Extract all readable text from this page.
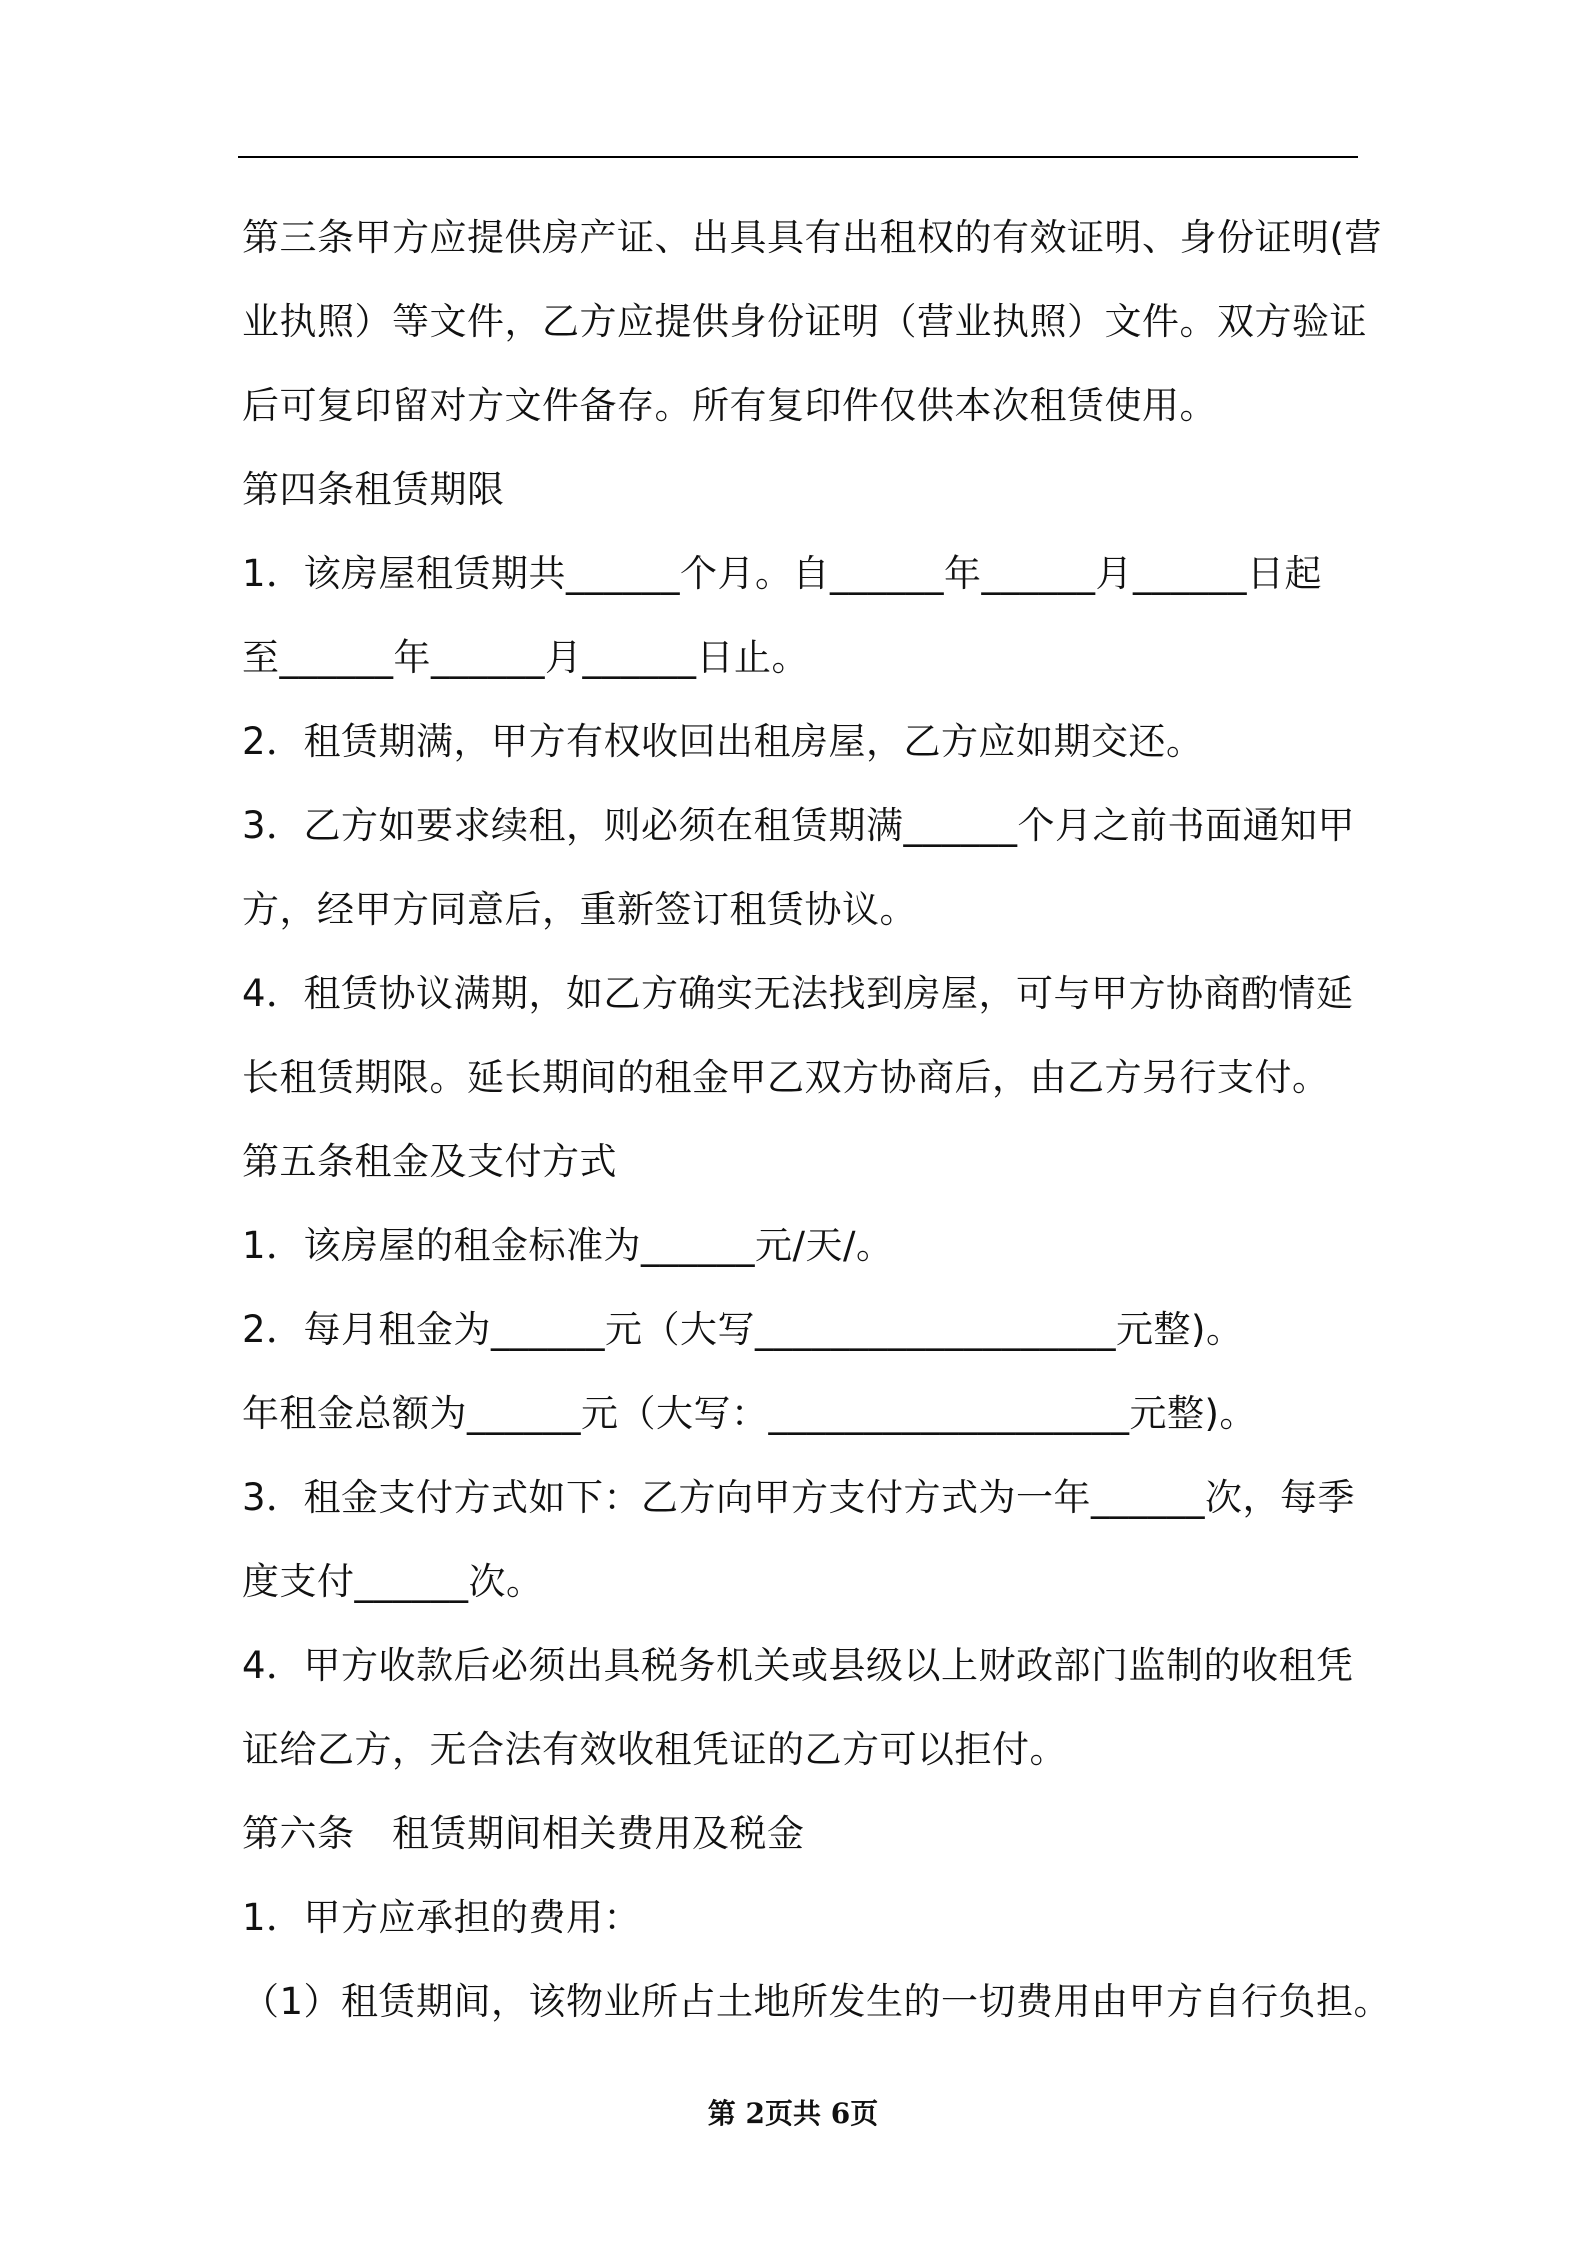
第三条甲方应提供房产证、出具具有出租权的有效证明、身份证明(营
业执照）等文件，乙方应提供身份证明（营业执照）文件。双方验证
后可复印留对方文件备存。所有复印件仅供本次租赁使用。
第四条租赁期限
1．该房屋租赁期共______个月。自______年______月______日起
至______年______月______日止。
2．租赁期满，甲方有权收回出租房屋，乙方应如期交还。
3．乙方如要求续租，则必须在租赁期满______个月之前书面通知甲
方，经甲方同意后，重新签订租赁协议。
4．租赁协议满期，如乙方确实无法找到房屋，可与甲方协商酌情延
长租赁期限。延长期间的租金甲乙双方协商后，由乙方另行支付。
第五条租金及支付方式
1．该房屋的租金标准为______元/天/。
2．每月租金为______元（大写___________________元整)。
年租金总额为______元（大写：___________________元整)。
3．租金支付方式如下：乙方向甲方支付方式为一年______次，每季
度支付______次。
4．甲方收款后必须出具税务机关或县级以上财政部门监制的收租凭
证给乙方，无合法有效收租凭证的乙方可以拒付。
第六条　租赁期间相关费用及税金
1．甲方应承担的费用：
（1）租赁期间，该物业所占土地所发生的一切费用由甲方自行负担。
第 2页共 6页
